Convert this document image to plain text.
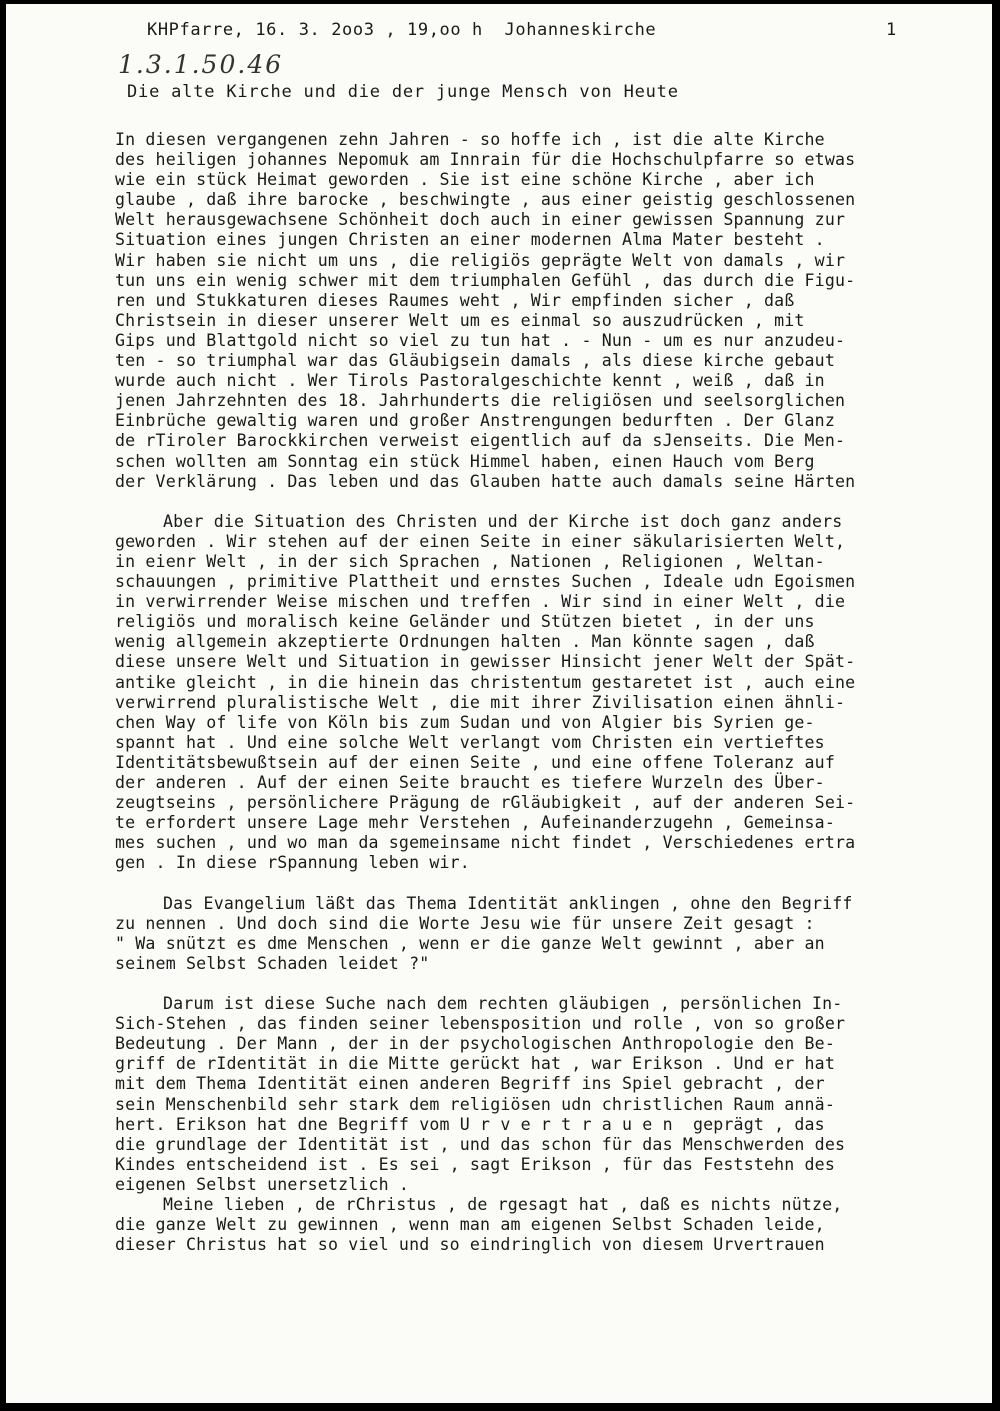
KHPfarre, 16. 3. 2oo3 , 19,oo h  Johanneskirche	1
1.3.1.50.46
Die alte Kirche und die der junge Mensch von Heute
In diesen vergangenen zehn Jahren - so hoffe ich , ist die alte Kirche
des heiligen johannes Nepomuk am Innrain für die Hochschulpfarre so etwas
wie ein stück Heimat geworden . Sie ist eine schöne Kirche , aber ich
glaube , daß ihre barocke , beschwingte , aus einer geistig geschlossenen
Welt herausgewachsene Schönheit doch auch in einer gewissen Spannung zur
Situation eines jungen Christen an einer modernen Alma Mater besteht .
Wir haben sie nicht um uns , die religiös geprägte Welt von damals , wir
tun uns ein wenig schwer mit dem triumphalen Gefühl , das durch die Figu-
ren und Stukkaturen dieses Raumes weht , Wir empfinden sicher , daß
Christsein in dieser unserer Welt um es einmal so auszudrücken , mit
Gips und Blattgold nicht so viel zu tun hat . - Nun - um es nur anzudeu-
ten - so triumphal war das Gläubigsein damals , als diese kirche gebaut
wurde auch nicht . Wer Tirols Pastoralgeschichte kennt , weiß , daß in
jenen Jahrzehnten des 18. Jahrhunderts die religiösen und seelsorglichen
Einbrüche gewaltig waren und großer Anstrengungen bedurften . Der Glanz
de rTiroler Barockkirchen verweist eigentlich auf da sJenseits. Die Men-
schen wollten am Sonntag ein stück Himmel haben, einen Hauch vom Berg
der Verklärung . Das leben und das Glauben hatte auch damals seine Härten
Aber die Situation des Christen und der Kirche ist doch ganz anders
geworden . Wir stehen auf der einen Seite in einer säkularisierten Welt,
in eienr Welt , in der sich Sprachen , Nationen , Religionen , Weltan-
schauungen , primitive Plattheit und ernstes Suchen , Ideale udn Egoismen
in verwirrender Weise mischen und treffen . Wir sind in einer Welt , die
religiös und moralisch keine Geländer und Stützen bietet , in der uns
wenig allgemein akzeptierte Ordnungen halten . Man könnte sagen , daß
diese unsere Welt und Situation in gewisser Hinsicht jener Welt der Spät-
antike gleicht , in die hinein das christentum gestaretet ist , auch eine
verwirrend pluralistische Welt , die mit ihrer Zivilisation einen ähnli-
chen Way of life von Köln bis zum Sudan und von Algier bis Syrien ge-
spannt hat . Und eine solche Welt verlangt vom Christen ein vertieftes
Identitätsbewußtsein auf der einen Seite , und eine offene Toleranz auf
der anderen . Auf der einen Seite braucht es tiefere Wurzeln des Über-
zeugtseins , persönlichere Prägung de rGläubigkeit , auf der anderen Sei-
te erfordert unsere Lage mehr Verstehen , Aufeinanderzugehn , Gemeinsa-
mes suchen , und wo man da sgemeinsame nicht findet , Verschiedenes ertra
gen . In diese rSpannung leben wir.
Das Evangelium läßt das Thema Identität anklingen , ohne den Begriff
zu nennen . Und doch sind die Worte Jesu wie für unsere Zeit gesagt :
" Wa snützt es dme Menschen , wenn er die ganze Welt gewinnt , aber an
seinem Selbst Schaden leidet ?"
Darum ist diese Suche nach dem rechten gläubigen , persönlichen In-
Sich-Stehen , das finden seiner lebensposition und rolle , von so großer
Bedeutung . Der Mann , der in der psychologischen Anthropologie den Be-
griff de rIdentität in die Mitte gerückt hat , war Erikson . Und er hat
mit dem Thema Identität einen anderen Begriff ins Spiel gebracht , der
sein Menschenbild sehr stark dem religiösen udn christlichen Raum annä-
hert. Erikson hat dne Begriff vom U r v e r t r a u e n  geprägt , das
die grundlage der Identität ist , und das schon für das Menschwerden des
Kindes entscheidend ist . Es sei , sagt Erikson , für das Feststehn des
eigenen Selbst unersetzlich .
Meine lieben , de rChristus , de rgesagt hat , daß es nichts nütze,
die ganze Welt zu gewinnen , wenn man am eigenen Selbst Schaden leide,
dieser Christus hat so viel und so eindringlich von diesem Urvertrauen
